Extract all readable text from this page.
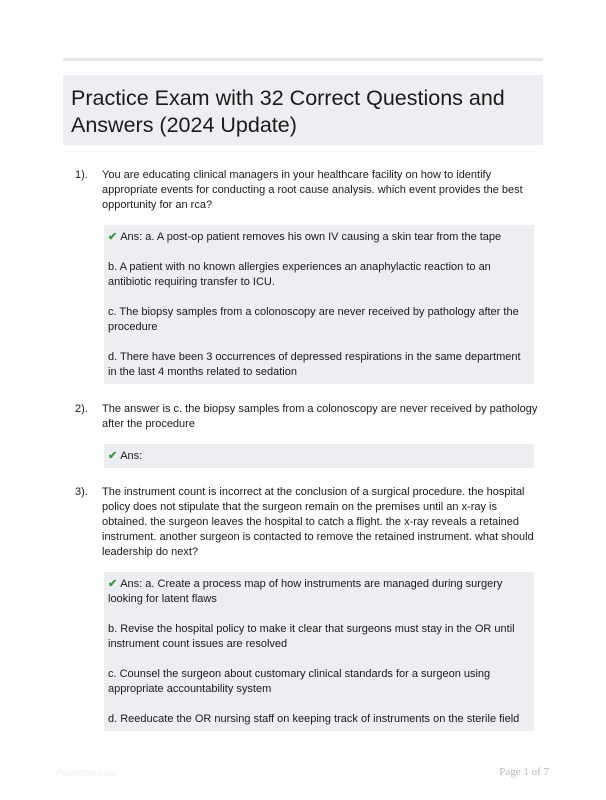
Practice Exam with 32 Correct Questions and Answers (2024 Update)
1). You are educating clinical managers in your healthcare facility on how to identify appropriate events for conducting a root cause analysis. which event provides the best opportunity for an rca?

✔ Ans: a. A post-op patient removes his own IV causing a skin tear from the tape

b. A patient with no known allergies experiences an anaphylactic reaction to an antibiotic requiring transfer to ICU.

c. The biopsy samples from a colonoscopy are never received by pathology after the procedure

d. There have been 3 occurrences of depressed respirations in the same department in the last 4 months related to sedation

2). The answer is c. the biopsy samples from a colonoscopy are never received by pathology after the procedure

✔ Ans:

3). The instrument count is incorrect at the conclusion of a surgical procedure. the hospital policy does not stipulate that the surgeon remain on the premises until an x-ray is obtained. the surgeon leaves the hospital to catch a flight. the x-ray reveals a retained instrument. another surgeon is contacted to remove the retained instrument. what should leadership do next?

✔ Ans: a. Create a process map of how instruments are managed during surgery looking for latent flaws

b. Revise the hospital policy to make it clear that surgeons must stay in the OR until instrument count issues are resolved

c. Counsel the surgeon about customary clinical standards for a surgeon using appropriate accountability system

d. Reeducate the OR nursing staff on keeping track of instruments on the sterile field

Papertitbit.com	Page 1 of 7
